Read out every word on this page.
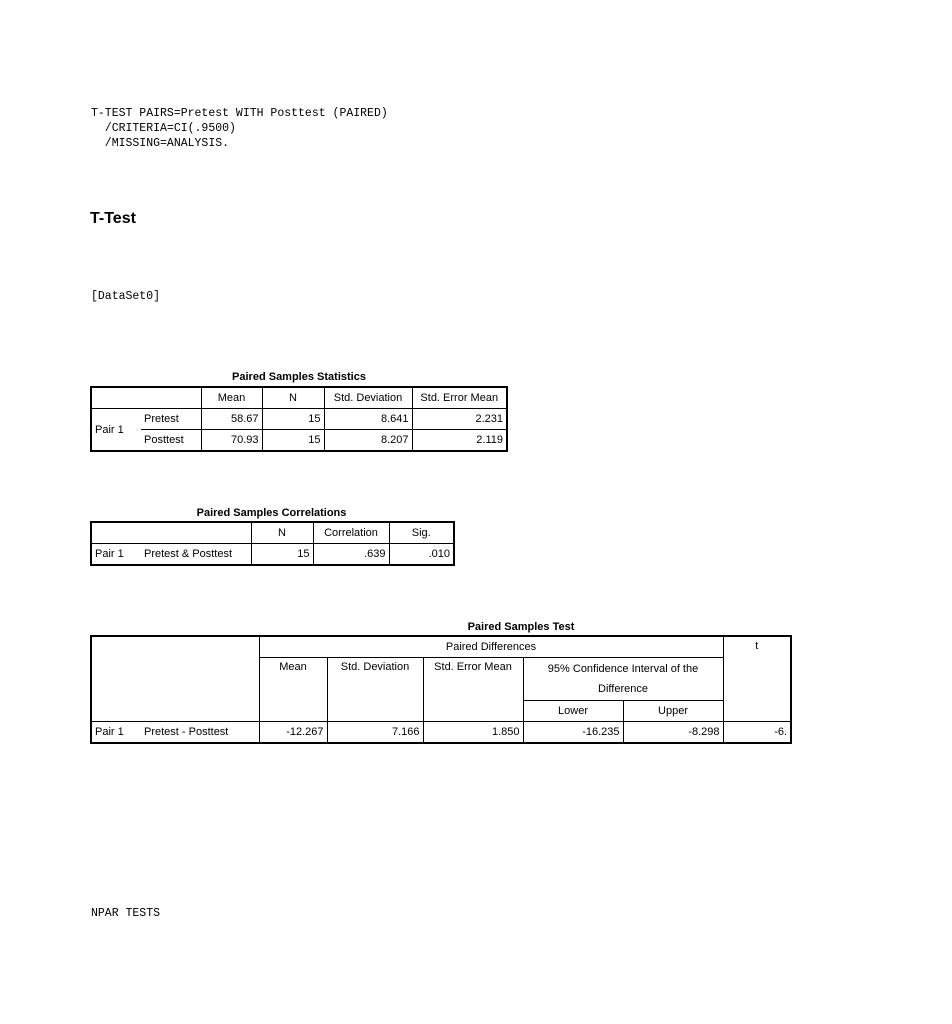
T-TEST PAIRS=Pretest WITH Posttest (PAIRED)
/CRITERIA=CI(.9500)
/MISSING=ANALYSIS.
T-Test
[DataSet0]
Paired Samples Statistics
		Mean	N	Std. Deviation	Std. Error Mean
Pair 1	Pretest	58.67	15	8.641	2.231
	Posttest	70.93	15	8.207	2.119
Paired Samples Correlations
		N	Correlation	Sig.
Pair 1	Pretest & Posttest	15	.639	.010
Paired Samples Test
		Paired Differences					t
		Mean	Std. Deviation	Std. Error Mean	95% Confidence Interval of the Difference		
					Lower	Upper	
Pair 1	Pretest - Posttest	-12.267	7.166	1.850	-16.235	-8.298	-6.
NPAR TESTS
